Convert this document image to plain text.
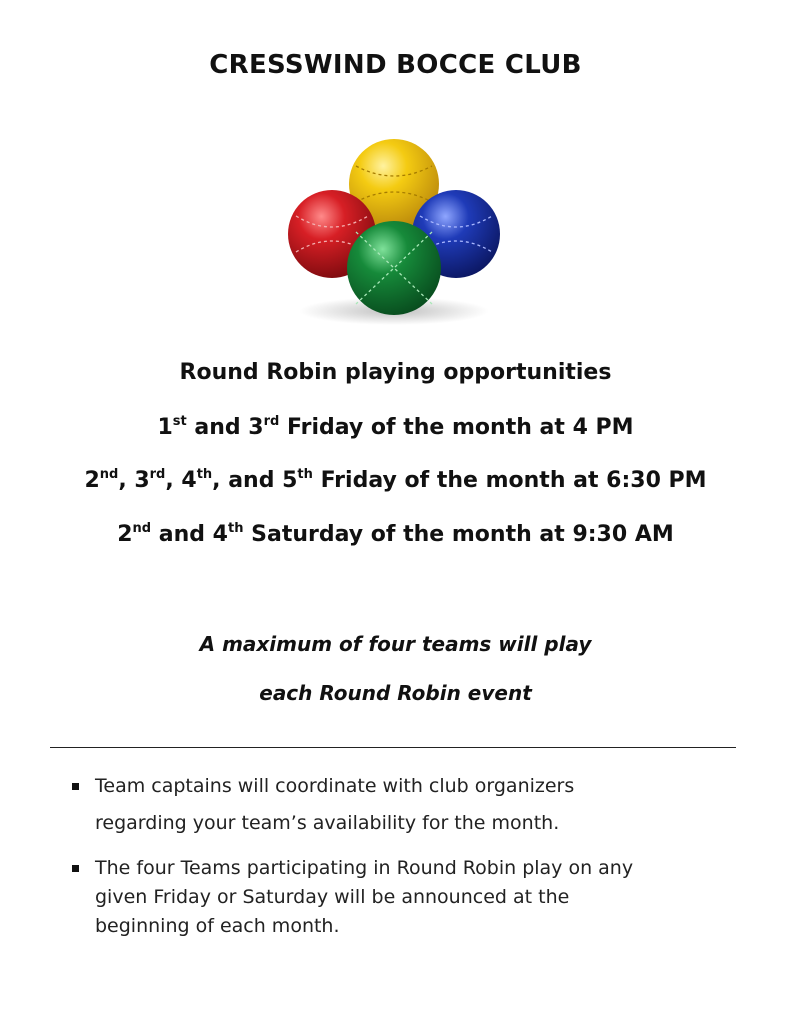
CRESSWIND BOCCE CLUB
Round Robin playing opportunities
1st and 3rd Friday of the month at 4 PM
2nd, 3rd, 4th, and 5th Friday of the month at 6:30 PM
2nd and 4th Saturday of the month at 9:30 AM
A maximum of four teams will play
each Round Robin event
Team captains will coordinate with club organizers
regarding your team’s availability for the month.
The four Teams participating in Round Robin play on any
given Friday or Saturday will be announced at the
beginning of each month.
